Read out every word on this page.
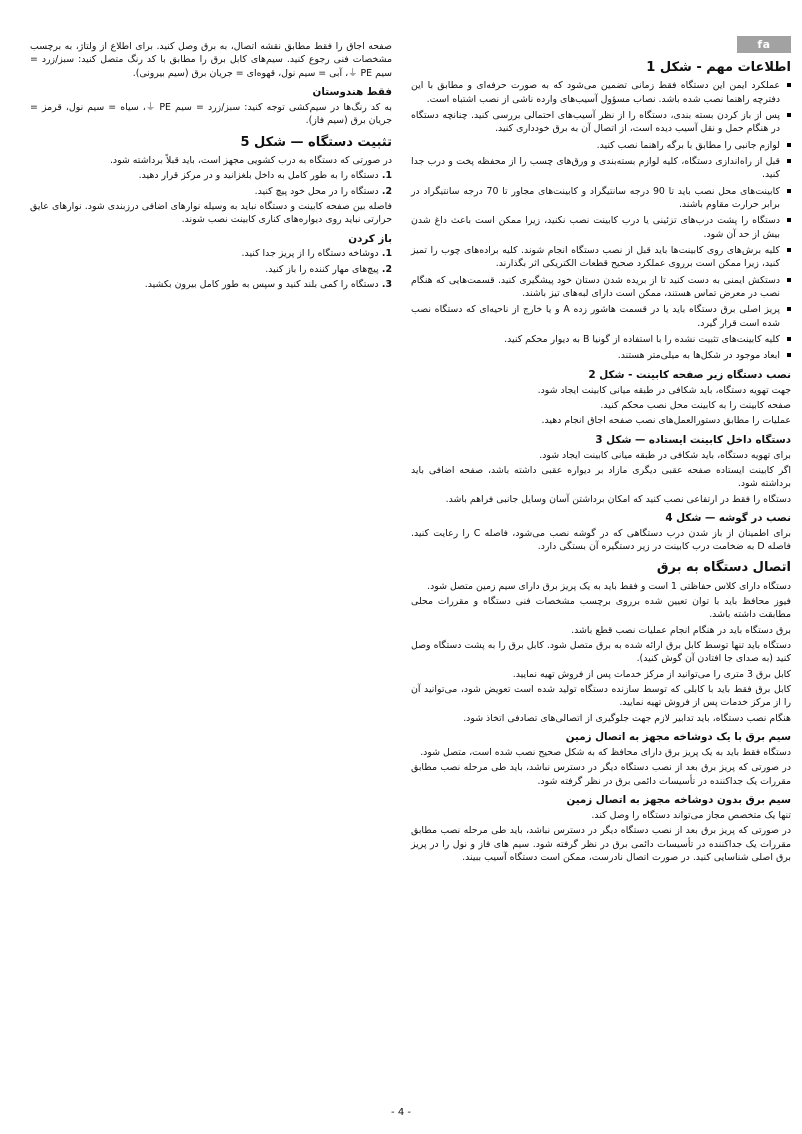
fa

صفحه اجاق را فقط مطابق نقشه اتصال، به برق وصل کنید. برای اطلاع از ولتاژ، به برچسب مشخصات فنی رجوع کنید. سیم‌های کابل برق را مطابق با کد رنگ متصل کنید: سبز/زرد = سیم PE ⏚، آبی = سیم نول، قهوه‌ای = جریان برق (سیم بیرونی).

فقط هندوستان

به کد رنگ‌ها در سیم‌کشی توجه کنید: سبز/زرد = سیم PE ⏚، سیاه = سیم نول، قرمز = جریان برق (سیم فاز).

تثبیت دستگاه — شکل 5

در صورتی که دستگاه به درب کشویی مجهز است، باید قبلاً برداشته شود.

1. دستگاه را به طور کامل به داخل بلغزانید و در مرکز قرار دهید.

2. دستگاه را در محل خود پیچ کنید.

فاصله بین صفحه کابینت و دستگاه نباید به وسیله نوارهای اضافی درزبندی شود. نوارهای عایق حرارتی نباید روی دیواره‌های کناری کابینت نصب شوند.

باز کردن

1. دوشاخه دستگاه را از پریز جدا کنید.

2. پیچ‌های مهار کننده را باز کنید.

3. دستگاه را کمی بلند کنید و سپس به طور کامل بیرون بکشید.

اطلاعات مهم - شکل 1

عملکرد ایمن این دستگاه فقط زمانی تضمین می‌شود که به صورت حرفه‌ای و مطابق با این دفترچه راهنما نصب شده باشد. نصاب مسؤول آسیب‌های وارده ناشی از نصب اشتباه است.

پس از باز کردن بسته بندی، دستگاه را از نظر آسیب‌های احتمالی بررسی کنید. چنانچه دستگاه در هنگام حمل و نقل آسیب دیده است، از اتصال آن به برق خودداری کنید.

لوازم جانبی را مطابق با برگه راهنما نصب کنید.

قبل از راه‌اندازی دستگاه، کلیه لوازم بسته‌بندی و ورق‌های چسب را از محفظه پخت و درب جدا کنید.

کابینت‌های محل نصب باید تا 90 درجه سانتیگراد و کابینت‌های مجاور تا 70 درجه سانتیگراد در برابر حرارت مقاوم باشند.

دستگاه را پشت درب‌های تزئینی یا درب کابینت نصب نکنید، زیرا ممکن است باعث داغ شدن بیش از حد آن شود.

کلیه برش‌های روی کابینت‌ها باید قبل از نصب دستگاه انجام شوند. کلیه براده‌های چوب را تمیز کنید، زیرا ممکن است برروی عملکرد صحیح قطعات الکتریکی اثر بگذارند.

دستکش ایمنی به دست کنید تا از بریده شدن دستان خود پیشگیری کنید. قسمت‌هایی که هنگام نصب در معرض تماس هستند، ممکن است دارای لبه‌های تیز باشند.

پریز اصلی برق دستگاه باید یا در قسمت هاشور زده A و یا خارج از ناحیه‌ای که دستگاه نصب شده است قرار گیرد.

کلیه کابینت‌های تثبیت نشده را با استفاده از گونیا B به دیوار محکم کنید.

ابعاد موجود در شکل‌ها به میلی‌متر هستند.

نصب دستگاه زیر صفحه کابینت - شکل 2

جهت تهویه دستگاه، باید شکافی در طبقه میانی کابینت ایجاد شود.

صفحه کابینت را به کابینت محل نصب محکم کنید.

عملیات را مطابق دستورالعمل‌های نصب صفحه اجاق انجام دهید.

دستگاه داخل کابینت ایستاده — شکل 3

برای تهویه دستگاه، باید شکافی در طبقه میانی کابینت ایجاد شود.

اگر کابینت ایستاده صفحه عقبی دیگری مازاد بر دیواره عقبی داشته باشد، صفحه اضافی باید برداشته شود.

دستگاه را فقط در ارتفاعی نصب کنید که امکان برداشتن آسان وسایل جانبی فراهم باشد.

نصب در گوشه — شکل 4

برای اطمینان از باز شدن درب دستگاهی که در گوشه نصب می‌شود، فاصله C را رعایت کنید. فاصله D به ضخامت درب کابینت در زیر دستگیره آن بستگی دارد.

اتصال دستگاه به برق

دستگاه دارای کلاس حفاظتی 1 است و فقط باید به یک پریز برق دارای سیم زمین متصل شود.

فیوز محافظ باید با توان تعیین شده برروی برچسب مشخصات فنی دستگاه و مقررات محلی مطابقت داشته باشد.

برق دستگاه باید در هنگام انجام عملیات نصب قطع باشد.

دستگاه باید تنها توسط کابل برق ارائه شده به برق متصل شود. کابل برق را به پشت دستگاه وصل کنید (به صدای جا افتادن آن گوش کنید).

کابل برق 3 متری را می‌توانید از مرکز خدمات پس از فروش تهیه نمایید.

کابل برق فقط باید با کابلی که توسط سازنده دستگاه تولید شده است تعویض شود، می‌توانید آن را از مرکز خدمات پس از فروش تهیه نمایید.

هنگام نصب دستگاه، باید تدابیر لازم جهت جلوگیری از اتصالی‌های تصادفی اتخاذ شود.

سیم برق با یک دوشاخه مجهز به اتصال زمین

دستگاه فقط باید به یک پریز برق دارای محافظ که به شکل صحیح نصب شده است، متصل شود.

در صورتی که پریز برق بعد از نصب دستگاه دیگر در دسترس نباشد، باید طی مرحله نصب مطابق مقررات یک جداکننده در تأسیسات دائمی برق در نظر گرفته شود.

سیم برق بدون دوشاخه مجهز به اتصال زمین

تنها یک متخصص مجاز می‌تواند دستگاه را وصل کند.

در صورتی که پریز برق بعد از نصب دستگاه دیگر در دسترس نباشد، باید طی مرحله نصب مطابق مقررات یک جداکننده در تأسیسات دائمی برق در نظر گرفته شود. سیم های فاز و نول را در پریز برق اصلی شناسایی کنید. در صورت اتصال نادرست، ممکن است دستگاه آسیب ببیند.

- 4 -
